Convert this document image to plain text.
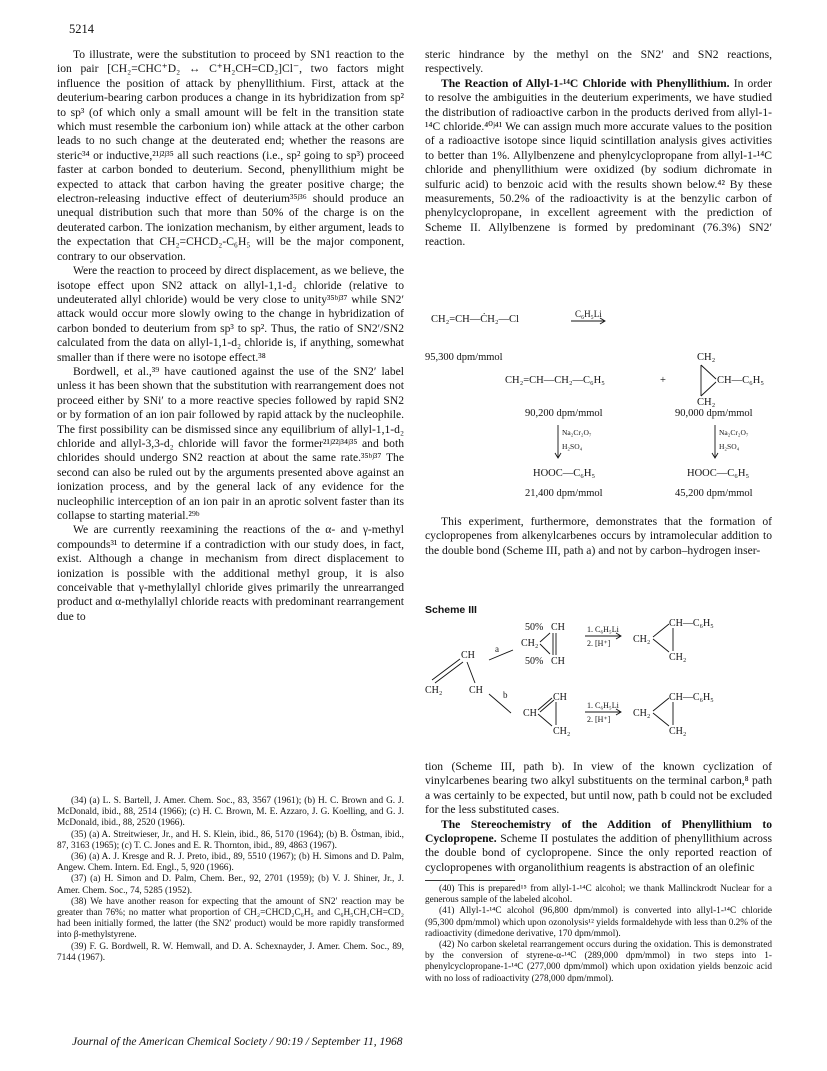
5214

To illustrate, were the substitution to proceed by SN1 reaction to the ion pair [CH₂=CHC⁺D₂ ↔ C⁺H₂CH=CD₂]Cl⁻, two factors might influence the position of attack by phenyllithium. First, attack at the deuterium-bearing carbon produces a change in its hybridization from sp² to sp³ (of which only a small amount will be felt in the transition state which must resemble the carbonium ion) while attack at the other carbon leads to no such change at the deuterated end; whether the reasons are steric³⁴ or inductive,²¹ʲ²ʲ³⁵ all such reactions (i.e., sp² going to sp³) proceed faster at carbon bonded to deuterium. Second, phenyllithium might be expected to attack that carbon having the greater positive charge; the electron-releasing inductive effect of deuterium³⁵ʲ³⁶ should produce an unequal distribution such that more than 50% of the charge is on the deuterated carbon. The ionization mechanism, by either argument, leads to the expectation that CH₂=CHCD₂-C₆H₅ will be the major component, contrary to our observation.

Were the reaction to proceed by direct displacement, as we believe, the isotope effect upon SN2 attack on allyl-1,1-d₂ chloride (relative to undeuterated allyl chloride) would be very close to unity³⁵ᵇʲ³⁷ while SN2′ attack would occur more slowly owing to the change in hybridization of carbon bonded to deuterium from sp³ to sp². Thus, the ratio of SN2′/SN2 calculated from the data on allyl-1,1-d₂ chloride is, if anything, somewhat smaller than if there were no isotope effect.³⁸

Bordwell, et al.,³⁹ have cautioned against the use of the SN2′ label unless it has been shown that the substitution with rearrangement does not proceed either by SNi′ to a more reactive species followed by rapid SN2 or by formation of an ion pair followed by rapid attack by the nucleophile. The first possibility can be dismissed since any equilibrium of allyl-1,1-d₂ chloride and allyl-3,3-d₂ chloride will favor the former²¹ʲ²²ʲ³⁴ʲ³⁵ and both chlorides should undergo SN2 reaction at about the same rate.³⁵ᵇʲ³⁷ The second can also be ruled out by the arguments presented above against an ionization process, and by the general lack of any evidence for the nucleophilic interception of an ion pair in an aprotic solvent faster than its collapse to starting material.²⁹ᵇ

We are currently reexamining the reactions of the α- and γ-methyl compounds³¹ to determine if a contradiction with our study does, in fact, exist. Although a change in mechanism from direct displacement to ionization is possible with the additional methyl group, it is also conceivable that γ-methylallyl chloride gives primarily the unrearranged product and α-methylallyl chloride reacts with predominant rearrangement due to

(34) (a) L. S. Bartell, J. Amer. Chem. Soc., 83, 3567 (1961); (b) H. C. Brown and G. J. McDonald, ibid., 88, 2514 (1966); (c) H. C. Brown, M. E. Azzaro, J. G. Koelling, and G. J. McDonald, ibid., 88, 2520 (1966).

(35) (a) A. Streitwieser, Jr., and H. S. Klein, ibid., 86, 5170 (1964); (b) B. Östman, ibid., 87, 3163 (1965); (c) T. C. Jones and E. R. Thornton, ibid., 89, 4863 (1967).

(36) (a) A. J. Kresge and R. J. Preto, ibid., 89, 5510 (1967); (b) H. Simons and D. Palm, Angew. Chem. Intern. Ed. Engl., 5, 920 (1966).

(37) (a) H. Simon and D. Palm, Chem. Ber., 92, 2701 (1959); (b) V. J. Shiner, Jr., J. Amer. Chem. Soc., 74, 5285 (1952).

(38) We have another reason for expecting that the amount of SN2′ reaction may be greater than 76%; no matter what proportion of CH₂=CHCD₂C₆H₅ and C₆H₅CH₂CH=CD₂ had been initially formed, the latter (the SN2′ product) would be more rapidly transformed into β-methylstyrene.

(39) F. G. Bordwell, R. W. Hemwall, and D. A. Schexnayder, J. Amer. Chem. Soc., 89, 7144 (1967).

steric hindrance by the methyl on the SN2′ and SN2 reactions, respectively.

The Reaction of Allyl-1-¹⁴C Chloride with Phenyllithium. In order to resolve the ambiguities in the deuterium experiments, we have studied the distribution of radioactive carbon in the products derived from allyl-1-¹⁴C chloride.⁴⁰ʲ⁴¹ We can assign much more accurate values to the position of a radioactive isotope since liquid scintillation analysis gives activities to better than 1%. Allylbenzene and phenylcyclopropane from allyl-1-¹⁴C chloride and phenyllithium were oxidized (by sodium dichromate in sulfuric acid) to benzoic acid with the results shown below.⁴² By these measurements, 50.2% of the radioactivity is at the benzylic carbon of phenylcyclopropane, in excellent agreement with the prediction of Scheme II. Allylbenzene is formed by predominant (76.3%) SN2′ reaction.

CH₂=CH—ĊH₂—Cl	C₆H₅Li
95,300 dpm/mmol
CH₂=CH—CH₂—C₆H₅	+
CH₂
CH—C₆H₅
CH₂
90,200 dpm/mmol	90,000 dpm/mmol
Na₂Cr₂O₇
H₂SO₄
Na₂Cr₂O₇
H₂SO₄
HOOC—C₆H₅	HOOC—C₆H₅
21,400 dpm/mmol	45,200 dpm/mmol

This experiment, furthermore, demonstrates that the formation of cyclopropenes from alkenylcarbenes occurs by intramolecular addition to the double bond (Scheme III, path a) and not by carbon–hydrogen inser-

Scheme III
CH
CH₂	CH
a
b
50% CH
CH₂
50% CH
1. C₆H₅Li
2. [H⁺]
CH—C₆H₅
CH₂
CH₂
CH
CH
CH₂
1. C₆H₅Li
2. [H⁺]
CH—C₆H₅
CH₂
CH₂

tion (Scheme III, path b). In view of the known cyclization of vinylcarbenes bearing two alkyl substituents on the terminal carbon,⁸ path a was certainly to be expected, but until now, path b could not be excluded for the less substituted cases.

The Stereochemistry of the Addition of Phenyllithium to Cyclopropene. Scheme II postulates the addition of phenyllithium across the double bond of cyclopropene. Since the only reported reaction of cyclopropenes with organolithium reagents is abstraction of an olefinic

(40) This is prepared¹⁵ from allyl-1-¹⁴C alcohol; we thank Mallinckrodt Nuclear for a generous sample of the labeled alcohol.

(41) Allyl-1-¹⁴C alcohol (96,800 dpm/mmol) is converted into allyl-1-¹⁴C chloride (95,300 dpm/mmol) which upon ozonolysis¹² yields formaldehyde with less than 0.2% of the radioactivity (dimedone derivative, 170 dpm/mmol).

(42) No carbon skeletal rearrangement occurs during the oxidation. This is demonstrated by the conversion of styrene-α-¹⁴C (289,000 dpm/mmol) in two steps into 1-phenylcyclopropane-1-¹⁴C (277,000 dpm/mmol) which upon oxidation yields benzoic acid with no loss of radioactivity (278,000 dpm/mmol).

Journal of the American Chemical Society / 90:19 / September 11, 1968
